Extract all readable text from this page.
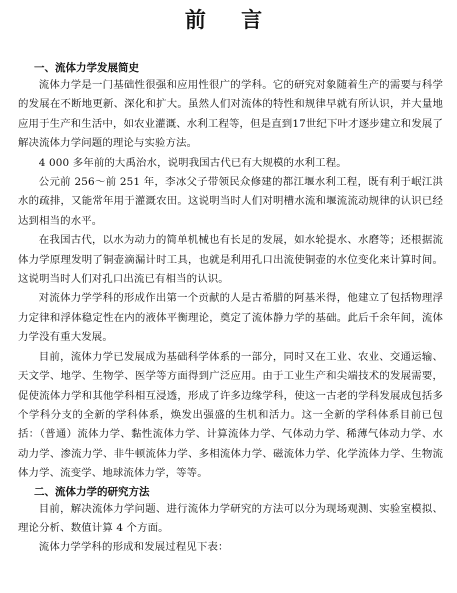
前 言
一、流体力学发展简史

流体力学是一门基础性很强和应用性很广的学科。它的研究对象随着生产的需要与科学的发展在不断地更新、深化和扩大。虽然人们对流体的特性和规律早就有所认识，并大量地应用于生产和生活中，如农业灌溉、水利工程等，但是直到17世纪下叶才逐步建立和发展了解决流体力学问题的理论与实验方法。

4 000 多年前的大禹治水，说明我国古代已有大规模的水利工程。

公元前 256～前 251 年，李冰父子带领民众修建的都江堰水利工程，既有利于岷江洪水的疏排，又能常年用于灌溉农田。这说明当时人们对明槽水流和堰流流动规律的认识已经达到相当的水平。

在我国古代，以水为动力的简单机械也有长足的发展，如水轮提水、水磨等；还根据流体力学原理发明了铜壶滴漏计时工具，也就是利用孔口出流使铜壶的水位变化来计算时间。这说明当时人们对孔口出流已有相当的认识。

对流体力学学科的形成作出第一个贡献的人是古希腊的阿基米得，他建立了包括物理浮力定律和浮体稳定性在内的液体平衡理论，奠定了流体静力学的基础。此后千余年间，流体力学没有重大发展。

目前，流体力学已发展成为基础科学体系的一部分，同时又在工业、农业、交通运输、天文学、地学、生物学、医学等方面得到广泛应用。由于工业生产和尖端技术的发展需要，促使流体力学和其他学科相互浸透，形成了许多边缘学科，使这一古老的学科发展成包括多个学科分支的全新的学科体系，焕发出强盛的生机和活力。这一全新的学科体系目前已包括：（普通）流体力学、黏性流体力学、计算流体力学、气体动力学、稀薄气体动力学、水动力学、渗流力学、非牛顿流体力学、多相流体力学、磁流体力学、化学流体力学、生物流体力学、流变学、地球流体力学，等等。

二、流体力学的研究方法

目前，解决流体力学问题、进行流体力学研究的方法可以分为现场观测、实验室模拟、理论分析、数值计算 4 个方面。

流体力学学科的形成和发展过程见下表：
